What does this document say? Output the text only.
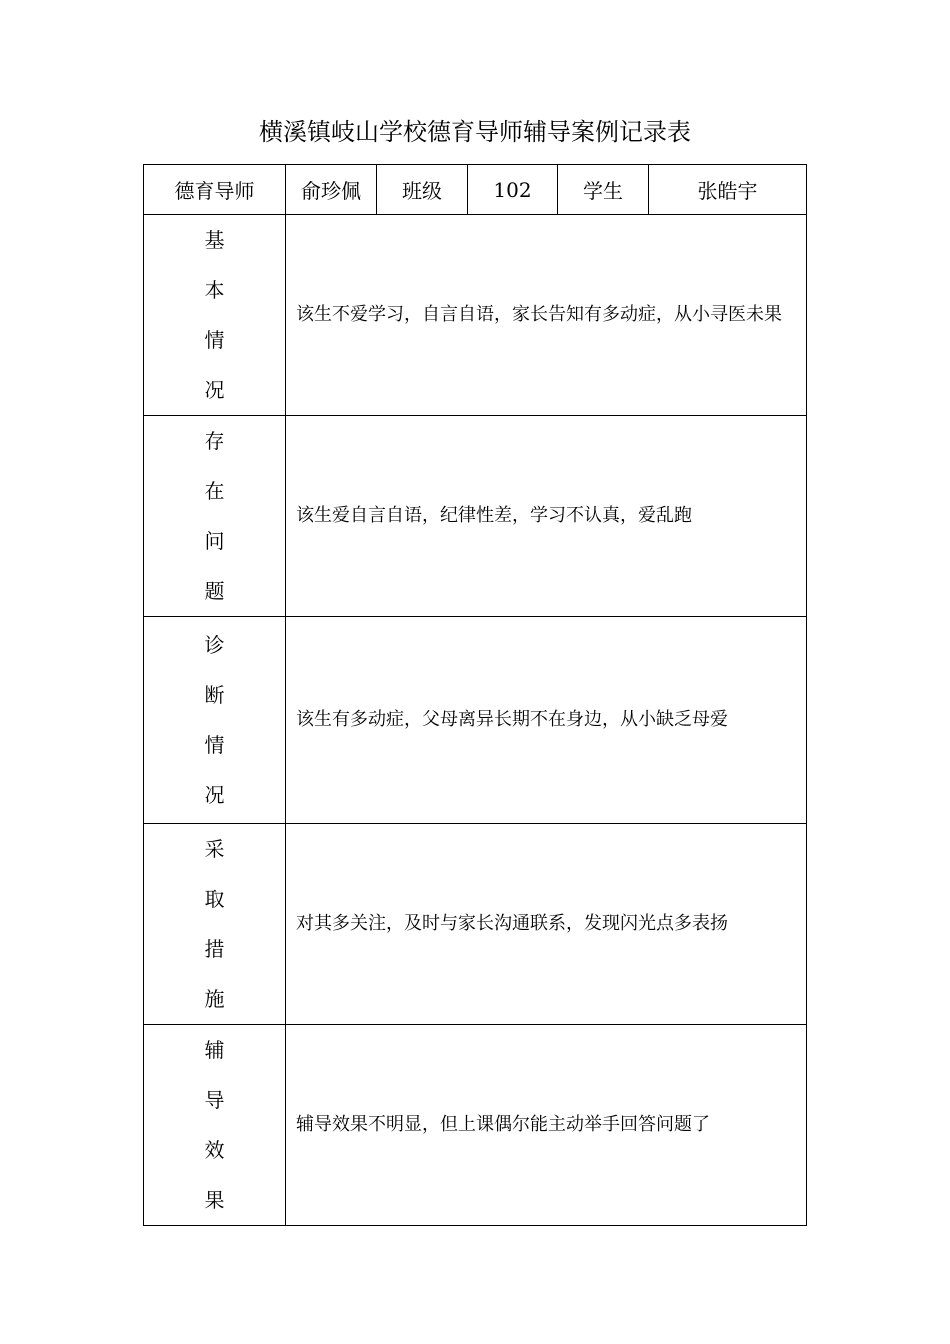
横溪镇岐山学校德育导师辅导案例记录表
德育导师	俞珍佩	班级	102	学生	张皓宇

基
本
情
况	该生不爱学习，自言自语，家长告知有多动症，从小寻医未果				

存
在
问
题	该生爱自言自语，纪律性差，学习不认真，爱乱跑				

诊
断
情
况	该生有多动症，父母离异长期不在身边，从小缺乏母爱				

采
取
措
施	对其多关注，及时与家长沟通联系，发现闪光点多表扬				

辅
导
效
果	辅导效果不明显，但上课偶尔能主动举手回答问题了				
